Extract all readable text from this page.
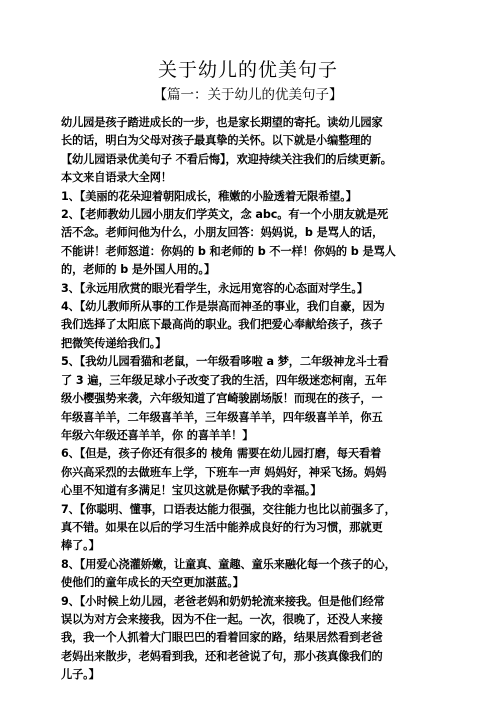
关于幼儿的优美句子
【篇一：关于幼儿的优美句子】
幼儿园是孩子踏进成长的一步，也是家长期望的寄托。读幼儿园家
长的话，明白为父母对孩子最真挚的关怀。以下就是小编整理的
【幼儿园语录优美句子 不看后悔】，欢迎持续关注我们的后续更新。
本文来自语录大全网！
1、【美丽的花朵迎着朝阳成长，稚嫩的小脸透着无限希望。】
2、【老师教幼儿园小朋友们学英文，念 abc。有一个小朋友就是死
活不念。老师问他为什么，小朋友回答：妈妈说，b 是骂人的话，
不能讲！老师怒道：你妈的 b 和老师的 b 不一样！你妈的 b 是骂人
的，老师的 b 是外国人用的。】
3、【永远用欣赏的眼光看学生，永远用宽容的心态面对学生。】
4、【幼儿教师所从事的工作是崇高而神圣的事业，我们自豪，因为
我们选择了太阳底下最高尚的职业。我们把爱心奉献给孩子，孩子
把微笑传递给我们。】
5、【我幼儿园看猫和老鼠，一年级看哆啦 a 梦，二年级神龙斗士看
了 3 遍，三年级足球小子改变了我的生活，四年级迷恋柯南，五年
级小樱强势来袭，六年级知道了宫崎骏剧场版！而现在的孩子，一
年级喜羊羊，二年级喜羊羊，三年级喜羊羊，四年级喜羊羊，你五
年级六年级还喜羊羊，你 的喜羊羊！】
6、【但是，孩子你还有很多的 棱角 需要在幼儿园打磨，每天看着
你兴高采烈的去做班车上学，下班车一声 妈妈好，神采飞扬。妈妈
心里不知道有多满足！宝贝这就是你赋予我的幸福。】
7、【你聪明、懂事，口语表达能力很强，交往能力也比以前强多了，
真不错。如果在以后的学习生活中能养成良好的行为习惯，那就更
棒了。】
8、【用爱心浇灌娇嫩，让童真、童趣、童乐来融化每一个孩子的心，
使他们的童年成长的天空更加湛蓝。】
9、【小时候上幼儿园，老爸老妈和奶奶轮流来接我。但是他们经常
误以为对方会来接我，因为不住一起。一次，很晚了，还没人来接
我，我一个人抓着大门眼巴巴的看着回家的路，结果居然看到老爸
老妈出来散步，老妈看到我，还和老爸说了句，那小孩真像我们的
儿子。】
